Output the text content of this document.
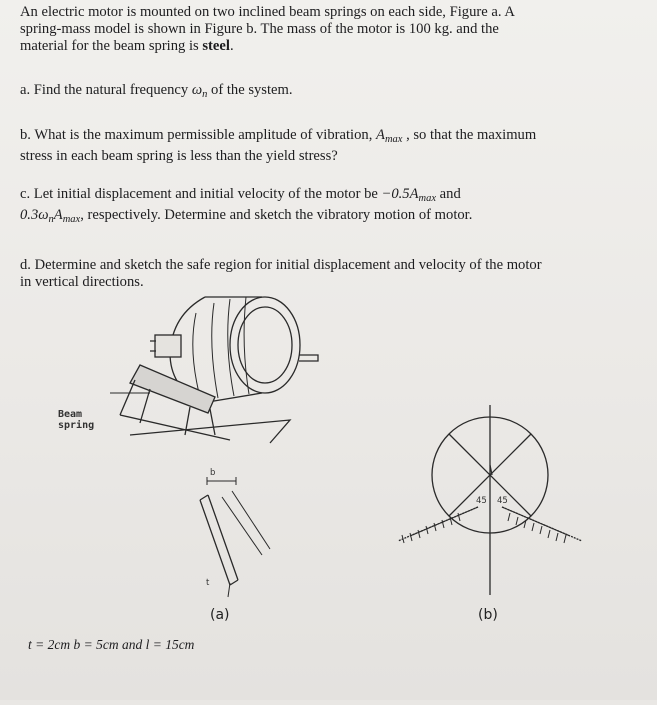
An electric motor is mounted on two inclined beam springs on each side, Figure a. A
spring-mass model is shown in Figure b. The mass of the motor is 100 kg. and the
material for the beam spring is steel.
a. Find the natural frequency $\omega_n$ of the system.
b. What is the maximum permissible amplitude of vibration, $A_{max}$ , so that the maximum
stress in each beam spring is less than the yield stress?
c. Let initial displacement and initial velocity of the motor be $-0.5A_{max}$ and
$0.3\omega_nA_{max}$, respectively. Determine and sketch the vibratory motion of motor.
d. Determine and sketch the safe region for initial displacement and velocity of the motor
in vertical directions.
Beam
spring
b
t
45 45
(a)	(b)
t = 2cm b = 5cm and l = 15cm
